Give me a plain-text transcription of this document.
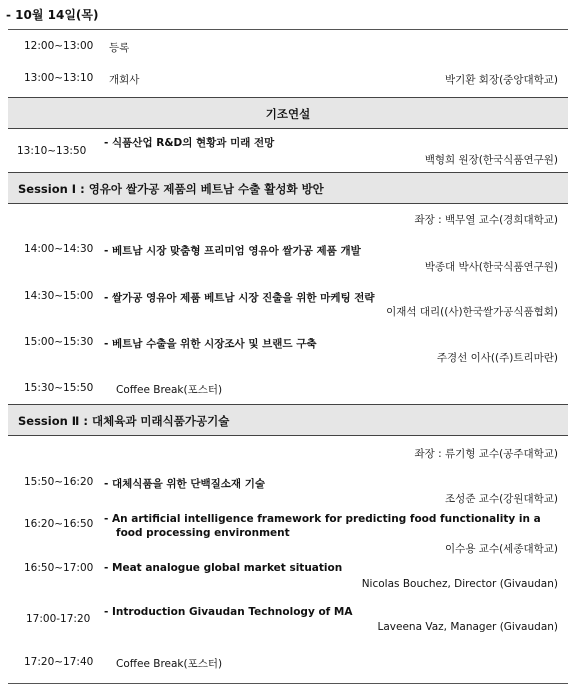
- 10월 14일(목)
12:00~13:00 등록
13:00~13:10 개회사	박기환 회장(중앙대학교)
기조연설
- 식품산업 R&D의 현황과 미래 전망
13:10~13:50
백형희 원장(한국식품연구원)
Session Ⅰ : 영유아 쌀가공 제품의 베트남 수출 활성화 방안
좌장 : 백무열 교수(경희대학교)
14:00~14:30 - 베트남 시장 맞춤형 프리미엄 영유아 쌀가공 제품 개발
박종대 박사(한국식품연구원)
14:30~15:00 - 쌀가공 영유아 제품 베트남 시장 진출을 위한 마케팅 전략
이재석 대리((사)한국쌀가공식품협회)
15:00~15:30 - 베트남 수출을 위한 시장조사 및 브랜드 구축
주경선 이사((주)트리마란)
15:30~15:50 Coffee Break(포스터)
Session Ⅱ : 대체육과 미래식품가공기술
좌장 : 류기형 교수(공주대학교)
15:50~16:20 - 대체식품을 위한 단백질소재 기술
조성준 교수(강원대학교)
16:20~16:50 - An artificial intelligence framework for predicting food functionality in a food processing environment
이수용 교수(세종대학교)
16:50~17:00 - Meat analogue global market situation
Nicolas Bouchez, Director (Givaudan)
- Introduction Givaudan Technology of MA
17:00-17:20
Laveena Vaz, Manager (Givaudan)
17:20~17:40 Coffee Break(포스터)
